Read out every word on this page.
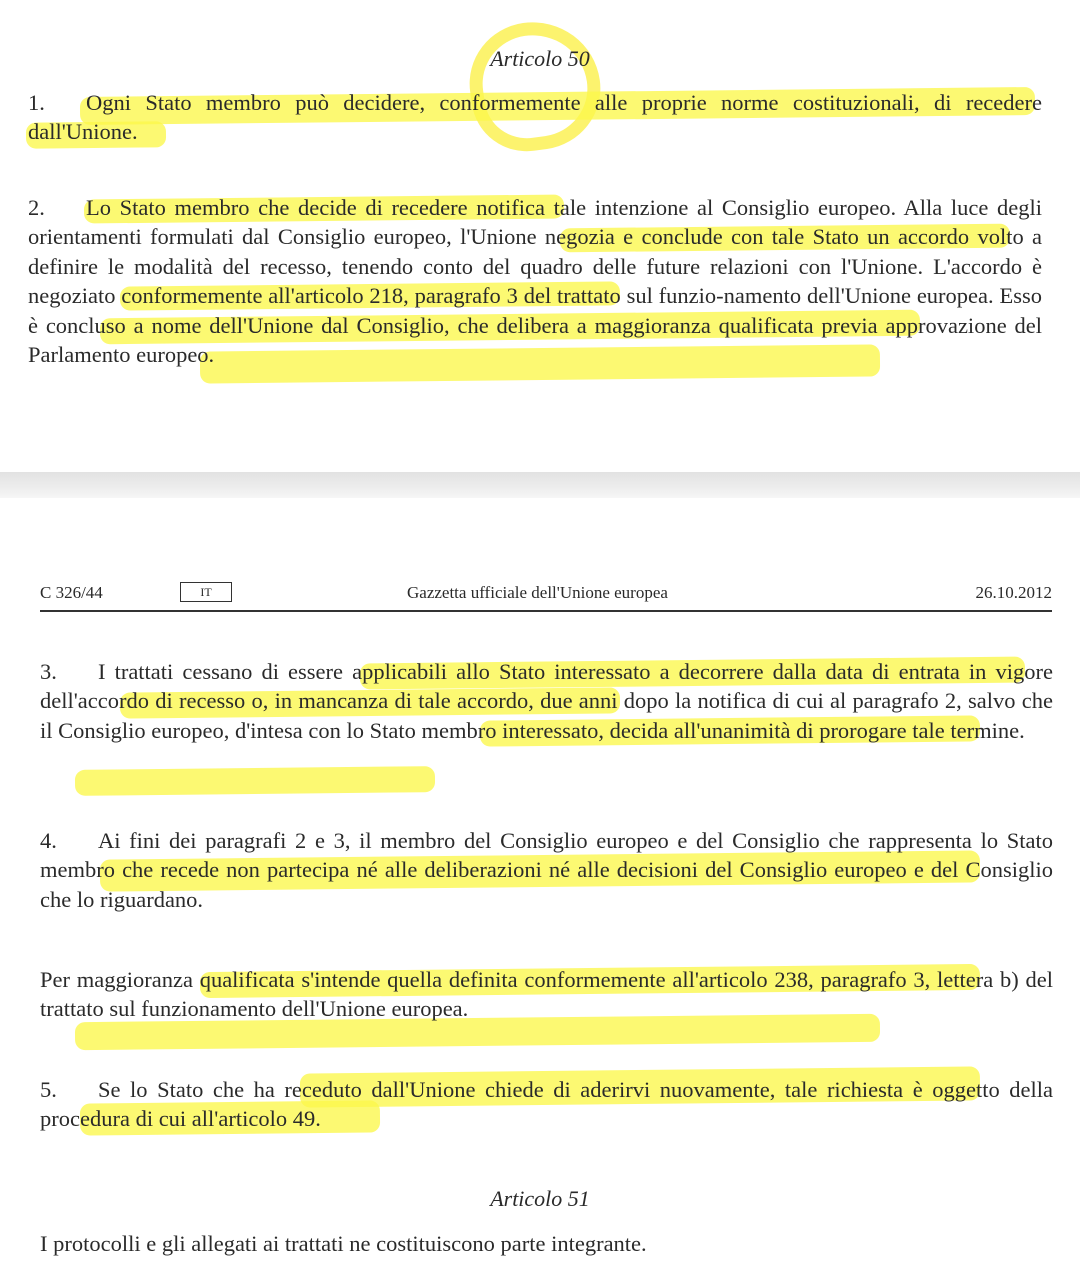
Articolo 50
1. Ogni Stato membro può decidere, conformemente alle proprie norme costituzionali, di recedere dall'Unione.
2. Lo Stato membro che decide di recedere notifica tale intenzione al Consiglio europeo. Alla luce degli orientamenti formulati dal Consiglio europeo, l'Unione negozia e conclude con tale Stato un accordo volto a definire le modalità del recesso, tenendo conto del quadro delle future relazioni con l'Unione. L'accordo è negoziato conformemente all'articolo 218, paragrafo 3 del trattato sul funzio-namento dell'Unione europea. Esso è concluso a nome dell'Unione dal Consiglio, che delibera a maggioranza qualificata previa approvazione del Parlamento europeo.
C 326/44	IT	Gazzetta ufficiale dell'Unione europea	26.10.2012
3. I trattati cessano di essere applicabili allo Stato interessato a decorrere dalla data di entrata in vigore dell'accordo di recesso o, in mancanza di tale accordo, due anni dopo la notifica di cui al paragrafo 2, salvo che il Consiglio europeo, d'intesa con lo Stato membro interessato, decida all'unanimità di prorogare tale termine.
4. Ai fini dei paragrafi 2 e 3, il membro del Consiglio europeo e del Consiglio che rappresenta lo Stato membro che recede non partecipa né alle deliberazioni né alle decisioni del Consiglio europeo e del Consiglio che lo riguardano.
Per maggioranza qualificata s'intende quella definita conformemente all'articolo 238, paragrafo 3, lettera b) del trattato sul funzionamento dell'Unione europea.
5. Se lo Stato che ha receduto dall'Unione chiede di aderirvi nuovamente, tale richiesta è oggetto della procedura di cui all'articolo 49.
Articolo 51
I protocolli e gli allegati ai trattati ne costituiscono parte integrante.
